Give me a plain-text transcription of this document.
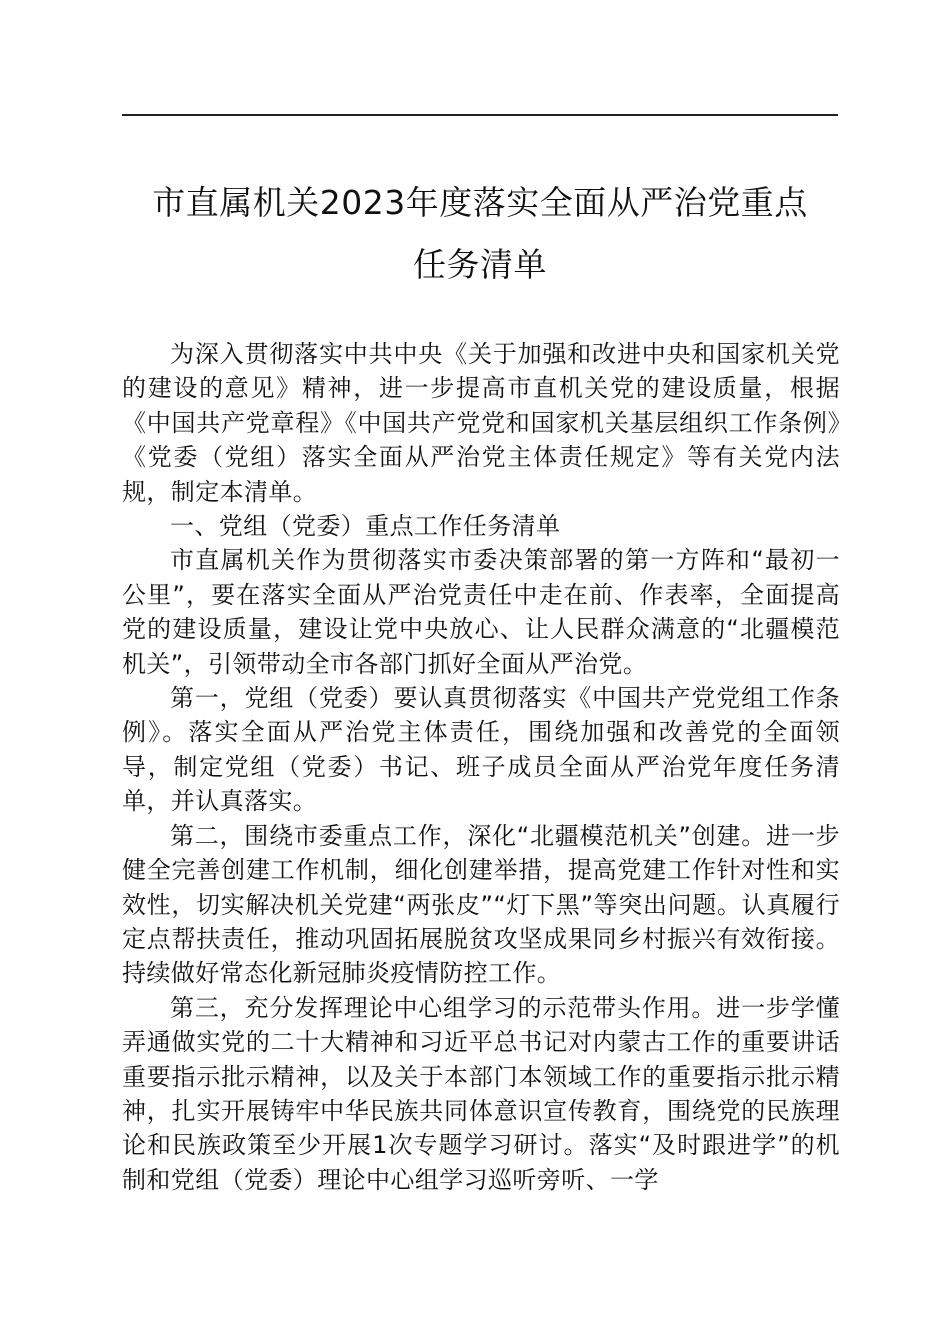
市直属机关2023年度落实全面从严治党重点
任务清单

为深入贯彻落实中共中央《关于加强和改进中央和国家机关党的建设的意见》精神，进一步提高市直机关党的建设质量，根据《中国共产党章程》《中国共产党党和国家机关基层组织工作条例》《党委（党组）落实全面从严治党主体责任规定》等有关党内法规，制定本清单。

一、党组（党委）重点工作任务清单

市直属机关作为贯彻落实市委决策部署的第一方阵和“最初一公里”，要在落实全面从严治党责任中走在前、作表率，全面提高党的建设质量，建设让党中央放心、让人民群众满意的“北疆模范机关”，引领带动全市各部门抓好全面从严治党。

第一，党组（党委）要认真贯彻落实《中国共产党党组工作条例》。落实全面从严治党主体责任，围绕加强和改善党的全面领导，制定党组（党委）书记、班子成员全面从严治党年度任务清单，并认真落实。

第二，围绕市委重点工作，深化“北疆模范机关”创建。进一步健全完善创建工作机制，细化创建举措，提高党建工作针对性和实效性，切实解决机关党建“两张皮”“灯下黑”等突出问题。认真履行定点帮扶责任，推动巩固拓展脱贫攻坚成果同乡村振兴有效衔接。持续做好常态化新冠肺炎疫情防控工作。

第三，充分发挥理论中心组学习的示范带头作用。进一步学懂弄通做实党的二十大精神和习近平总书记对内蒙古工作的重要讲话重要指示批示精神，以及关于本部门本领域工作的重要指示批示精神，扎实开展铸牢中华民族共同体意识宣传教育，围绕党的民族理论和民族政策至少开展1次专题学习研讨。落实“及时跟进学”的机制和党组（党委）理论中心组学习巡听旁听、一学
